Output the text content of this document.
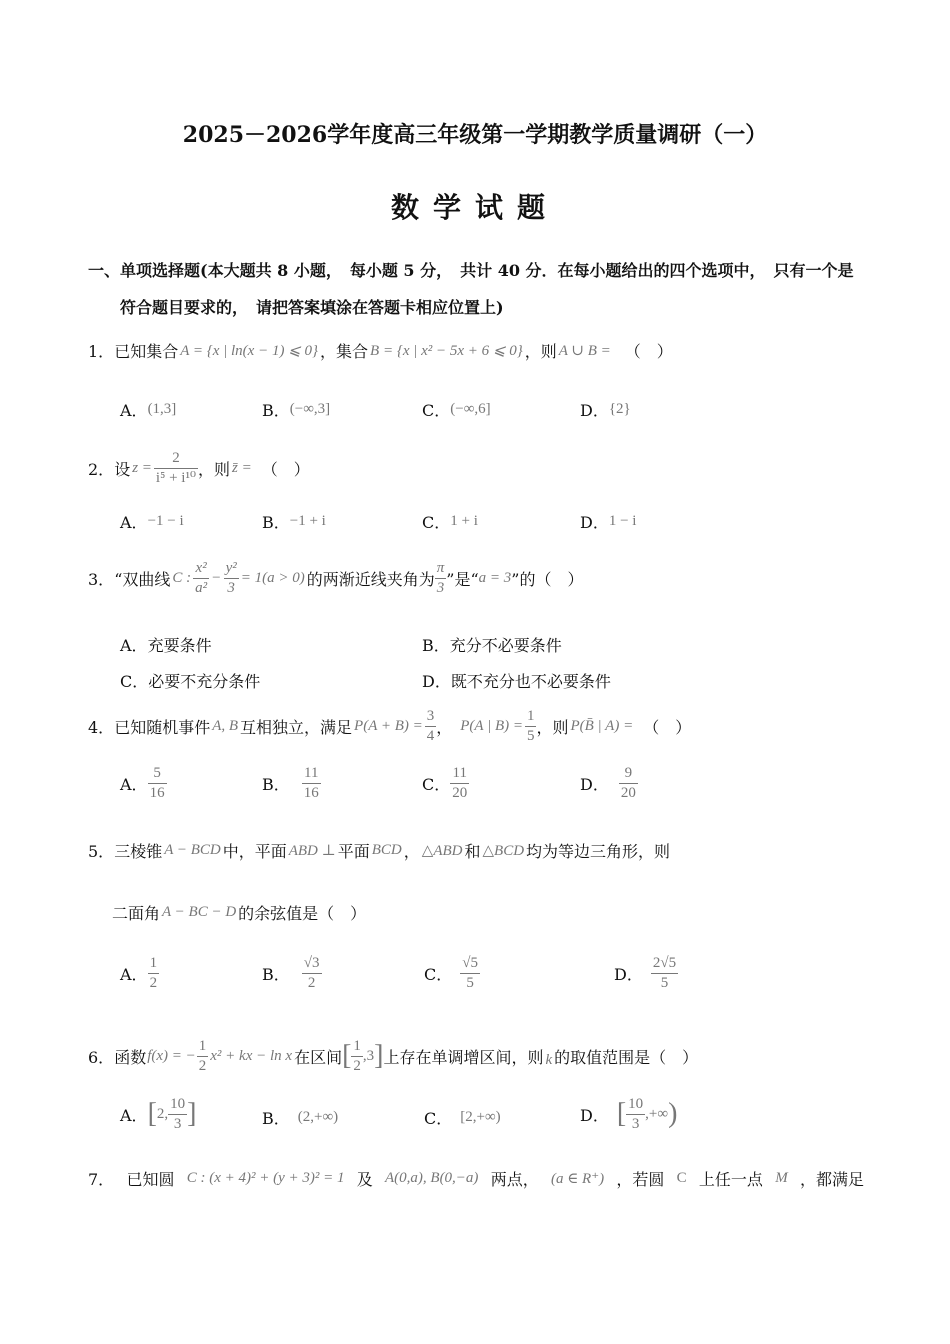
2025－2026学年度高三年级第一学期教学质量调研（一）
数学试题
一、单项选择题(本大题共 8 小题，　每小题 5 分，　共计 40 分．在每小题给出的四个选项中，　只有一个是
符合题目要求的，　请把答案填涂在答题卡相应位置上)
1． 已知集合 A = {x | ln(x − 1) ⩽ 0} ，集合 B = {x | x² − 5x + 6 ⩽ 0} ，则 A ∪ B = （　）
A． (1,3]	B． (−∞,3]	C． (−∞,6]	D． {2}
2． 设 $z = \frac{2}{\text{i⁵ + i¹⁰}}$ ，则 z̄ = （　）
A． −1 − i	B． −1 + i	C． 1 + i	D． 1 − i
3． “双曲线 C : $\frac{\text{x²}}{\text{a²}} - \frac{\text{y²}}{3} = 1(a > 0)$ 的两渐近线夹角为 $\frac{\pi}{3}$ ”是“ a = 3 ”的（　）
A．充要条件	B．充分不必要条件
C．必要不充分条件	D．既不充分也不必要条件
4． 已知随机事件 A, B 互相独立，满足 $P(A + B) = \frac{3}{4}$ ， P(A | $B) = \frac{1}{5}$ ，则 P(B̄ | A) = （　）
A． $\frac{5}{16}$	B． $\frac{11}{16}$	C． $\frac{11}{20}$	D． $\frac{9}{20}$
5． 三棱锥 A − BCD 中，平面 ABD ⊥ 平面 BCD ， △ABD 和 △BCD 均为等边三角形，则
二面角 A − BC − D 的余弦值是（　）
A． $\frac{1}{2}$	B． $\frac{√3}{2}$	C． $\frac{√5}{5}$	D． $\frac{2√5}{5}$
6． 函数 f(x) = − $\frac{1}{2} x^2$ + kx − ln x 在区间 [ $\frac{1}{2} ,3$ ] 上存在单调增区间，则 k 的取值范围是（　）
A． [ 2, $\frac{10}{3}$ ]	B． (2,+∞)	C． [2,+∞)	D． [ $\frac{10}{3}$ ,+∞ )
7． 已知圆 C : (x + 4)² + (y + 3)² = 1 及 A(0,a), B(0,−a) 两点， (a ∈ R⁺) ，若圆 C 上任一点 M ，都满足
